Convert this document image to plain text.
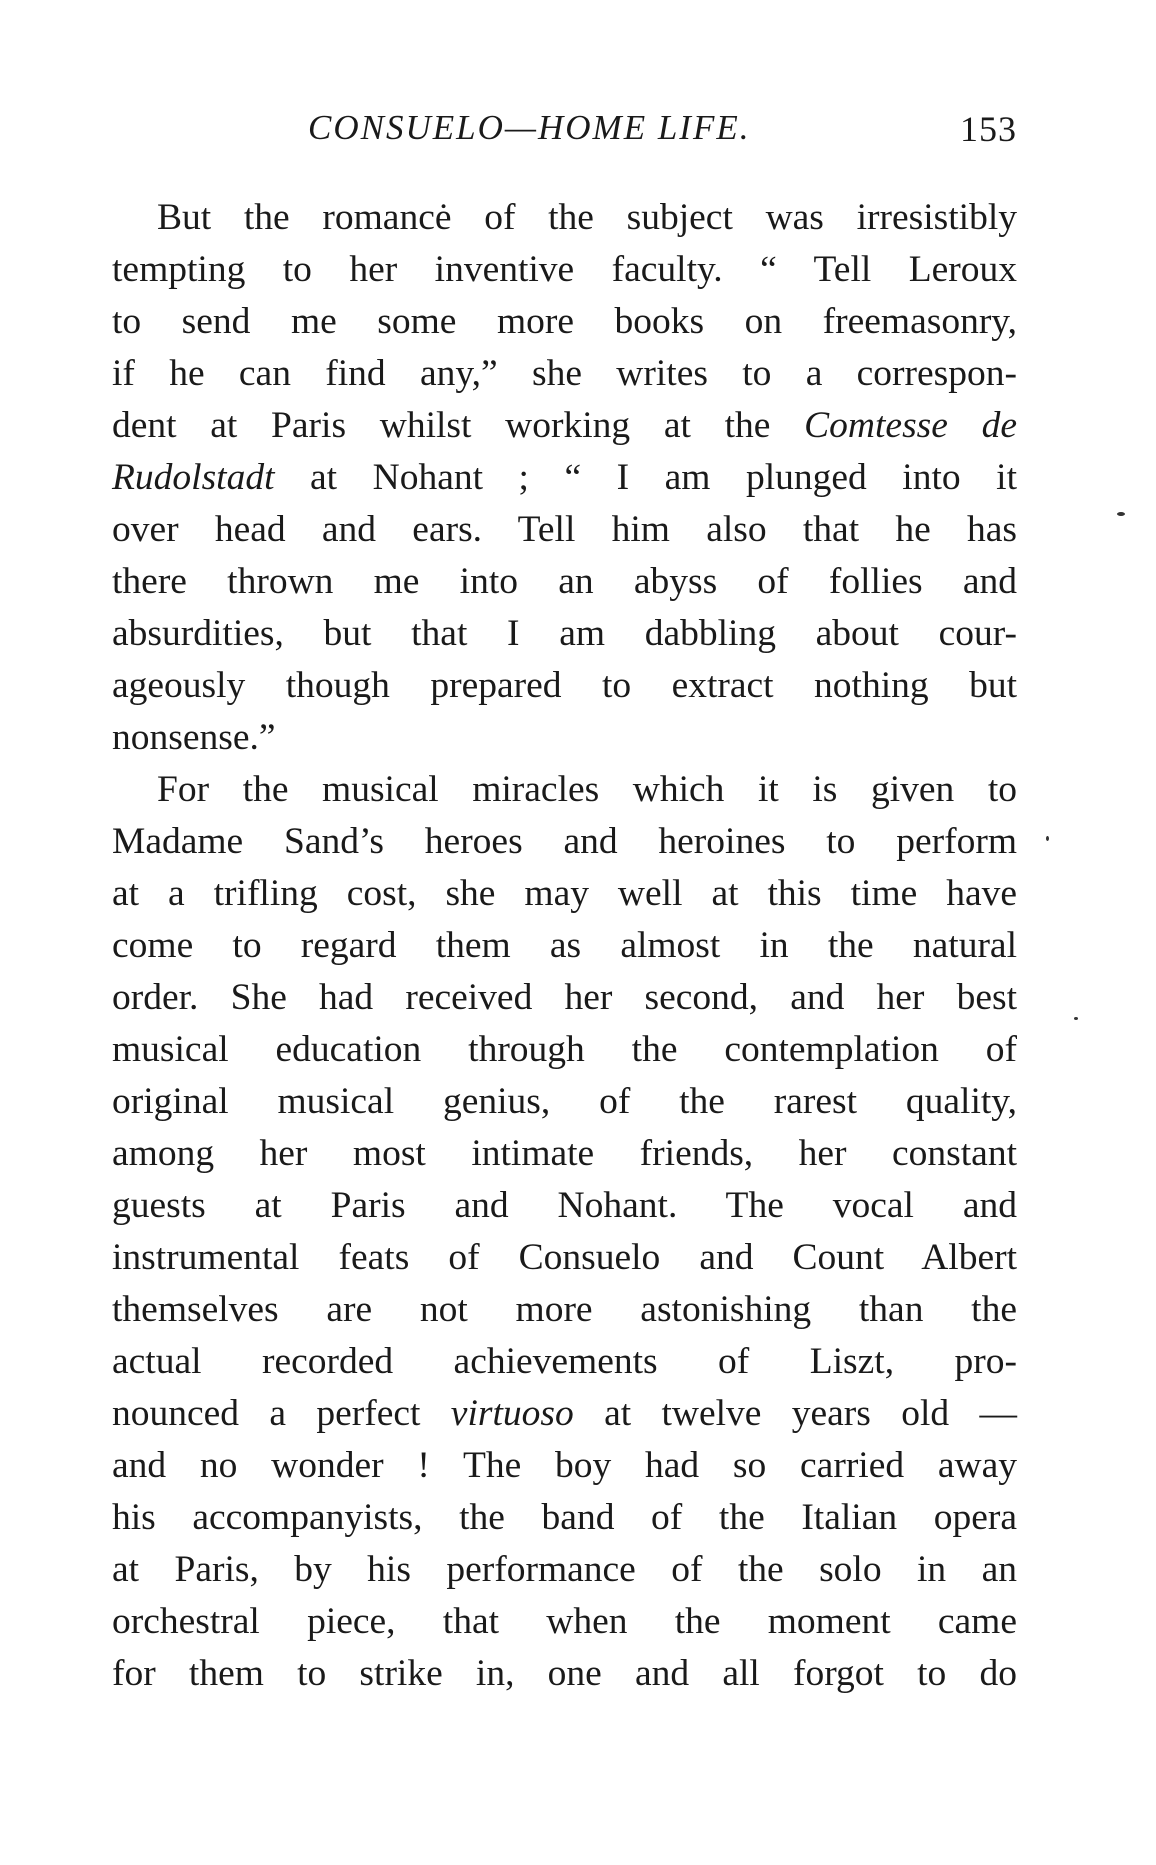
CONSUELO—HOME LIFE.	153
But the romancė of the subject was irresistibly
tempting to her inventive faculty. “ Tell Leroux
to send me some more books on freemasonry,
if he can find any,” she writes to a correspon-
dent at Paris whilst working at the Comtesse de
Rudolstadt at Nohant ; “ I am plunged into it
over head and ears. Tell him also that he has
there thrown me into an abyss of follies and
absurdities, but that I am dabbling about cour-
ageously though prepared to extract nothing but
nonsense.”
For the musical miracles which it is given to
Madame Sand’s heroes and heroines to perform
at a trifling cost, she may well at this time have
come to regard them as almost in the natural
order. She had received her second, and her best
musical education through the contemplation of
original musical genius, of the rarest quality,
among her most intimate friends, her constant
guests at Paris and Nohant. The vocal and
instrumental feats of Consuelo and Count Albert
themselves are not more astonishing than the
actual recorded achievements of Liszt, pro-
nounced a perfect virtuoso at twelve years old —
and no wonder ! The boy had so carried away
his accompanyists, the band of the Italian opera
at Paris, by his performance of the solo in an
orchestral piece, that when the moment came
for them to strike in, one and all forgot to do
